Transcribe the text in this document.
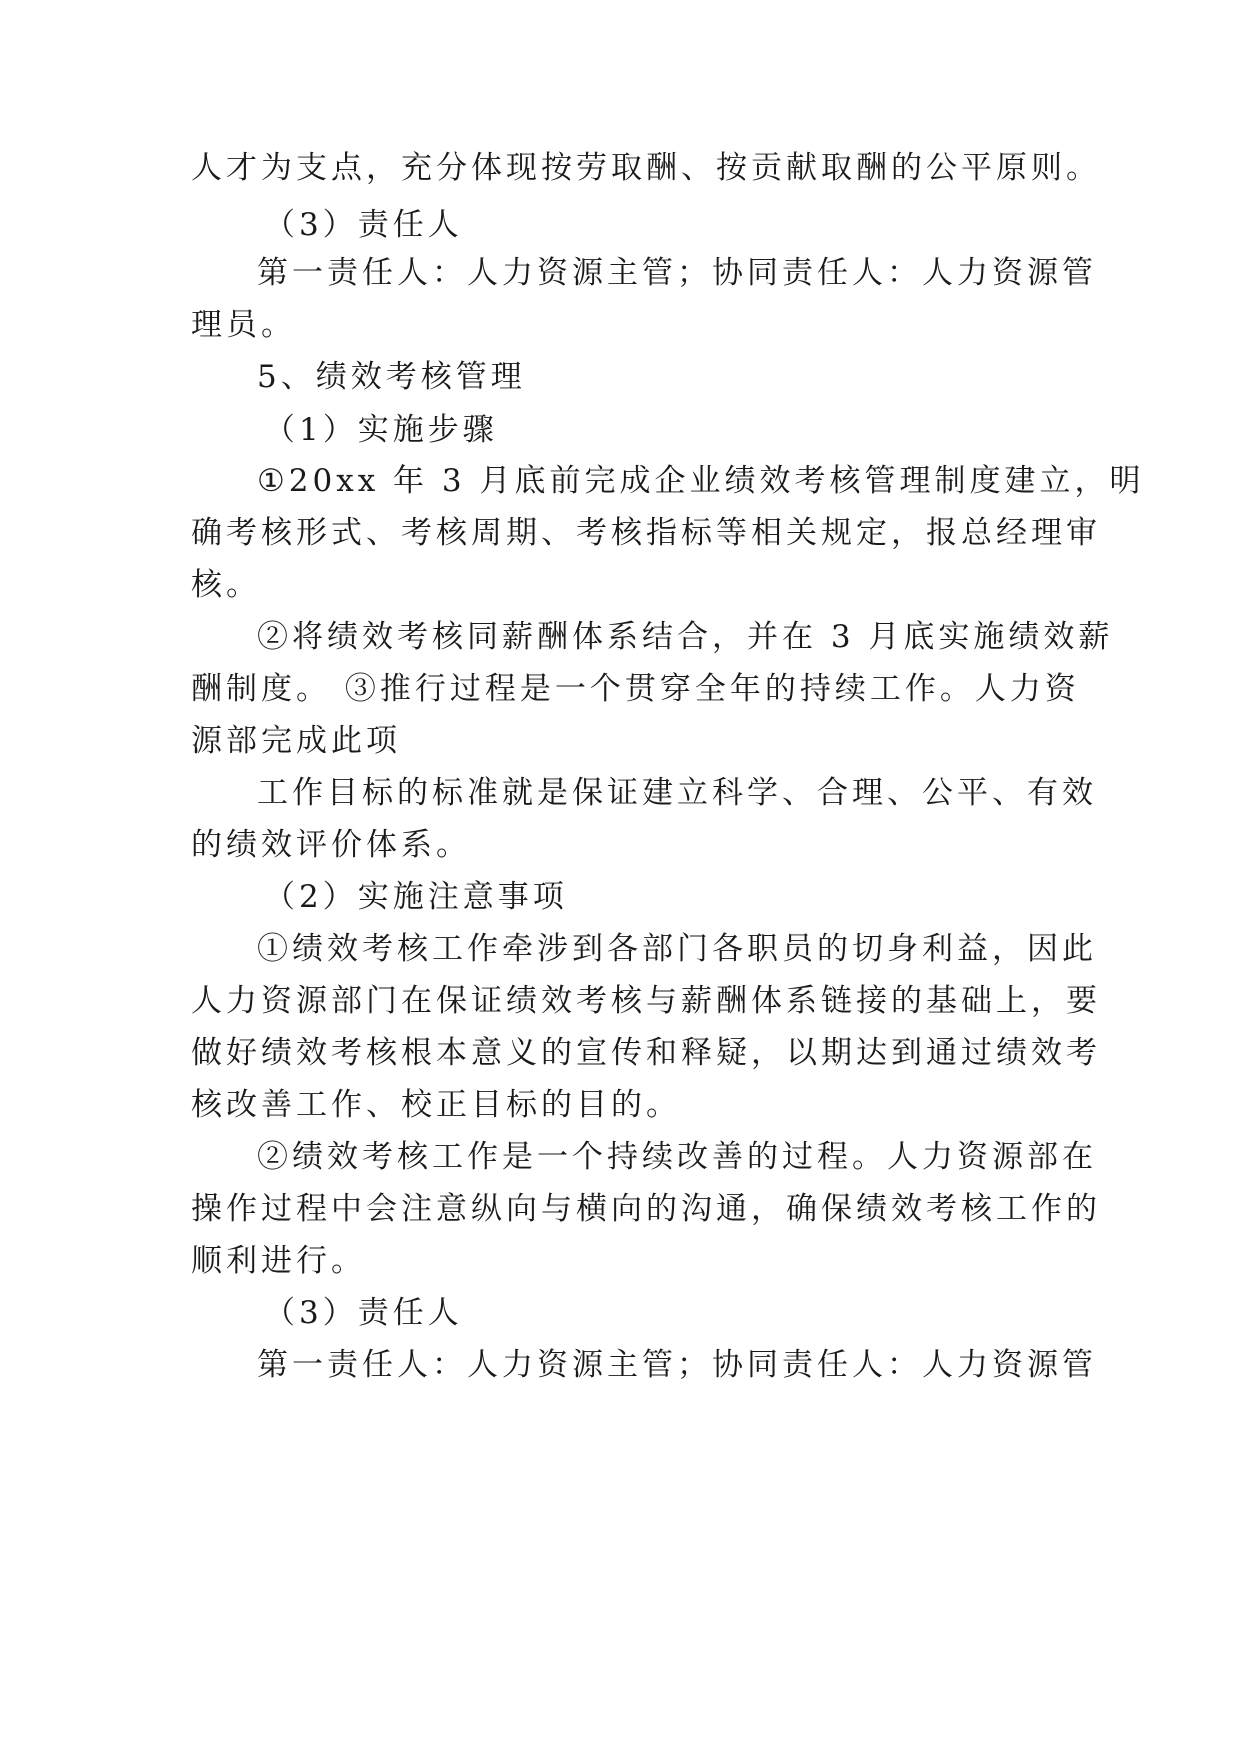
人才为支点，充分体现按劳取酬、按贡献取酬的公平原则。
（3）责任人
第一责任人：人力资源主管；协同责任人：人力资源管
理员。
5、绩效考核管理
（1）实施步骤
①20xx 年 3 月底前完成企业绩效考核管理制度建立，明
确考核形式、考核周期、考核指标等相关规定，报总经理审
核。
②将绩效考核同薪酬体系结合，并在 3 月底实施绩效薪
酬制度。 ③推行过程是一个贯穿全年的持续工作。人力资
源部完成此项
工作目标的标准就是保证建立科学、合理、公平、有效
的绩效评价体系。
（2）实施注意事项
①绩效考核工作牵涉到各部门各职员的切身利益，因此
人力资源部门在保证绩效考核与薪酬体系链接的基础上，要
做好绩效考核根本意义的宣传和释疑，以期达到通过绩效考
核改善工作、校正目标的目的。
②绩效考核工作是一个持续改善的过程。人力资源部在
操作过程中会注意纵向与横向的沟通，确保绩效考核工作的
顺利进行。
（3）责任人
第一责任人：人力资源主管；协同责任人：人力资源管
